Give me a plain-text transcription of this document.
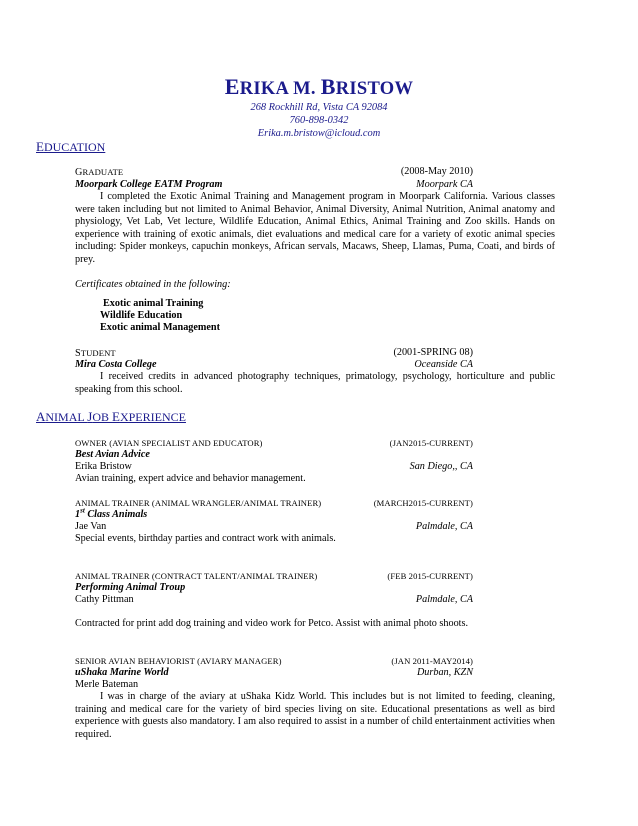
ERIKA M. BRISTOW
268 Rockhill Rd, Vista CA 92084
760-898-0342
Erika.m.bristow@icloud.com
EDUCATION
GRADUATE	(2008-May 2010)
Moorpark College EATM Program	Moorpark CA
I completed the Exotic Animal Training and Management program in Moorpark California. Various classes were taken including but not limited to Animal Behavior, Animal Diversity, Animal Nutrition, Animal anatomy and physiology, Vet Lab, Vet lecture, Wildlife Education, Animal Ethics, Animal Training and Zoo skills. Hands on experience with training of exotic animals, diet evaluations and medical care for a variety of exotic animal species including: Spider monkeys, capuchin monkeys, African servals, Macaws, Sheep, Llamas, Puma, Coati, and birds of prey.
Certificates obtained in the following:
Exotic animal Training
Wildlife Education
Exotic animal Management
STUDENT	(2001-SPRING 08)
Mira Costa College	Oceanside CA
I received credits in advanced photography techniques, primatology, psychology, horticulture and public speaking from this school.
ANIMAL JOB EXPERIENCE
OWNER (AVIAN SPECIALIST AND EDUCATOR)	(JAN2015-CURRENT)
Best Avian Advice
Erika Bristow	San Diego,, CA
Avian training, expert advice and behavior management.
ANIMAL TRAINER (ANIMAL WRANGLER/ANIMAL TRAINER)	(MARCH2015-CURRENT)
1st Class Animals
Jae Van	Palmdale, CA
Special events, birthday parties and contract work with animals.
ANIMAL TRAINER (CONTRACT TALENT/ANIMAL TRAINER)	(FEB 2015-CURRENT)
Performing Animal Troup
Cathy Pittman	Palmdale, CA
Contracted for print add dog training and video work for Petco. Assist with animal photo shoots.
SENIOR AVIAN BEHAVIORIST (AVIARY MANAGER)	(JAN 2011-MAY2014)
uShaka Marine World	Durban, KZN
Merle Bateman
I was in charge of the aviary at uShaka Kidz World. This includes but is not limited to feeding, cleaning, training and medical care for the variety of bird species living on site. Educational presentations as well as bird experience with guests also mandatory. I am also required to assist in a number of child entertainment activities when required.
